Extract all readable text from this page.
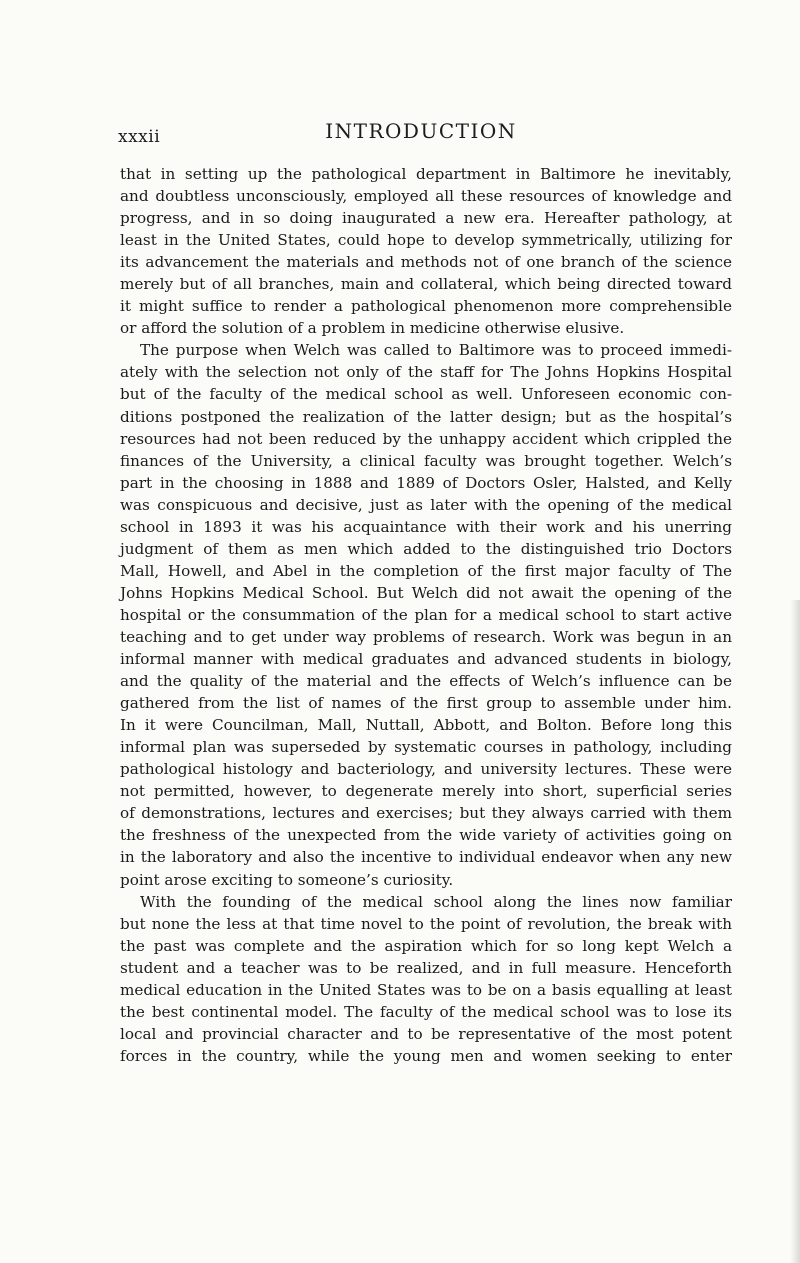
xxxii	INTRODUCTION
that in setting up the pathological department in Baltimore he inevitably,
and doubtless unconsciously, employed all these resources of knowledge and
progress, and in so doing inaugurated a new era. Hereafter pathology, at
least in the United States, could hope to develop symmetrically, utilizing for
its advancement the materials and methods not of one branch of the science
merely but of all branches, main and collateral, which being directed toward
it might suffice to render a pathological phenomenon more comprehensible
or afford the solution of a problem in medicine otherwise elusive.
The purpose when Welch was called to Baltimore was to proceed immedi-
ately with the selection not only of the staff for The Johns Hopkins Hospital
but of the faculty of the medical school as well. Unforeseen economic con-
ditions postponed the realization of the latter design; but as the hospital’s
resources had not been reduced by the unhappy accident which crippled the
finances of the University, a clinical faculty was brought together. Welch’s
part in the choosing in 1888 and 1889 of Doctors Osler, Halsted, and Kelly
was conspicuous and decisive, just as later with the opening of the medical
school in 1893 it was his acquaintance with their work and his unerring
judgment of them as men which added to the distinguished trio Doctors
Mall, Howell, and Abel in the completion of the first major faculty of The
Johns Hopkins Medical School. But Welch did not await the opening of the
hospital or the consummation of the plan for a medical school to start active
teaching and to get under way problems of research. Work was begun in an
informal manner with medical graduates and advanced students in biology,
and the quality of the material and the effects of Welch’s influence can be
gathered from the list of names of the first group to assemble under him.
In it were Councilman, Mall, Nuttall, Abbott, and Bolton. Before long this
informal plan was superseded by systematic courses in pathology, including
pathological histology and bacteriology, and university lectures. These were
not permitted, however, to degenerate merely into short, superficial series
of demonstrations, lectures and exercises; but they always carried with them
the freshness of the unexpected from the wide variety of activities going on
in the laboratory and also the incentive to individual endeavor when any new
point arose exciting to someone’s curiosity.
With the founding of the medical school along the lines now familiar
but none the less at that time novel to the point of revolution, the break with
the past was complete and the aspiration which for so long kept Welch a
student and a teacher was to be realized, and in full measure. Henceforth
medical education in the United States was to be on a basis equalling at least
the best continental model. The faculty of the medical school was to lose its
local and provincial character and to be representative of the most potent
forces in the country, while the young men and women seeking to enter
